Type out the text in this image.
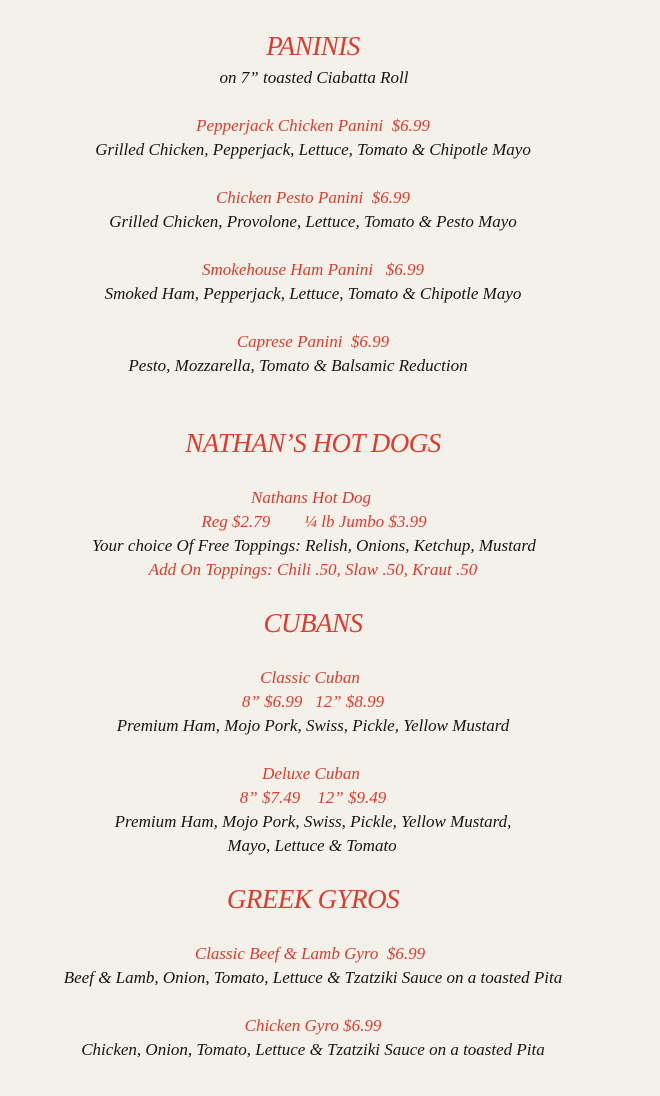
PANINIS
on 7” toasted Ciabatta Roll
Pepperjack Chicken Panini  $6.99
Grilled Chicken, Pepperjack, Lettuce, Tomato & Chipotle Mayo
Chicken Pesto Panini  $6.99
Grilled Chicken, Provolone, Lettuce, Tomato & Pesto Mayo
Smokehouse Ham Panini   $6.99
Smoked Ham, Pepperjack, Lettuce, Tomato & Chipotle Mayo
Caprese Panini  $6.99
Pesto, Mozzarella, Tomato & Balsamic Reduction
NATHAN’S HOT DOGS
Nathans Hot Dog
Reg $2.79        ¼ lb Jumbo $3.99
Your choice Of Free Toppings: Relish, Onions, Ketchup, Mustard
Add On Toppings: Chili .50, Slaw .50, Kraut .50
CUBANS
Classic Cuban
8” $6.99   12” $8.99
Premium Ham, Mojo Pork, Swiss, Pickle, Yellow Mustard
Deluxe Cuban
8” $7.49    12” $9.49
Premium Ham, Mojo Pork, Swiss, Pickle, Yellow Mustard,
Mayo, Lettuce & Tomato
GREEK GYROS
Classic Beef & Lamb Gyro  $6.99
Beef & Lamb, Onion, Tomato, Lettuce & Tzatziki Sauce on a toasted Pita
Chicken Gyro $6.99
Chicken, Onion, Tomato, Lettuce & Tzatziki Sauce on a toasted Pita
